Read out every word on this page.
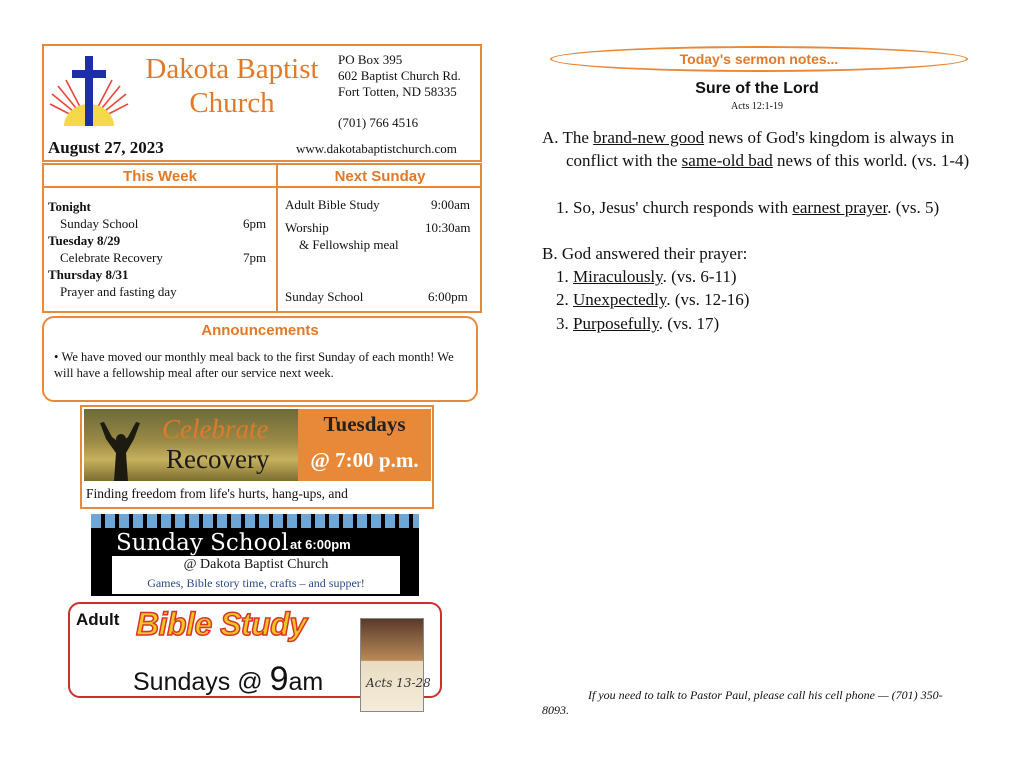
Dakota Baptist
Church
PO Box 395
602 Baptist Church Rd.
Fort Totten, ND 58335
(701) 766 4516
August 27, 2023	www.dakotabaptistchurch.com
This Week	Next Sunday
Tonight
Sunday School	6pm
Tuesday 8/29
Celebrate Recovery	7pm
Thursday 8/31
Prayer and fasting day
Adult Bible Study	9:00am
Worship	10:30am
& Fellowship meal
Sunday School	6:00pm
Announcements
• We have moved our monthly meal back to the first Sunday of each month! We will have a fellowship meal after our service next week.
Celebrate
Recovery
Tuesdays
@ 7:00 p.m.
Finding freedom from life's hurts, hang-ups, and
Sunday School at 6:00pm
@ Dakota Baptist Church
Games, Bible story time, crafts – and supper!
Adult Bible Study
Sundays @ 9am	Acts 13-28
Today's sermon notes...
Sure of the Lord
Acts 12:1-19
A. The brand-new good news of God's kingdom is always in conflict with the same-old bad news of this world. (vs. 1-4)
1. So, Jesus' church responds with earnest prayer. (vs. 5)
B. God answered their prayer:
1. Miraculously. (vs. 6-11)
2. Unexpectedly. (vs. 12-16)
3. Purposefully. (vs. 17)
If you need to talk to Pastor Paul, please call his cell phone — (701) 350-8093.
